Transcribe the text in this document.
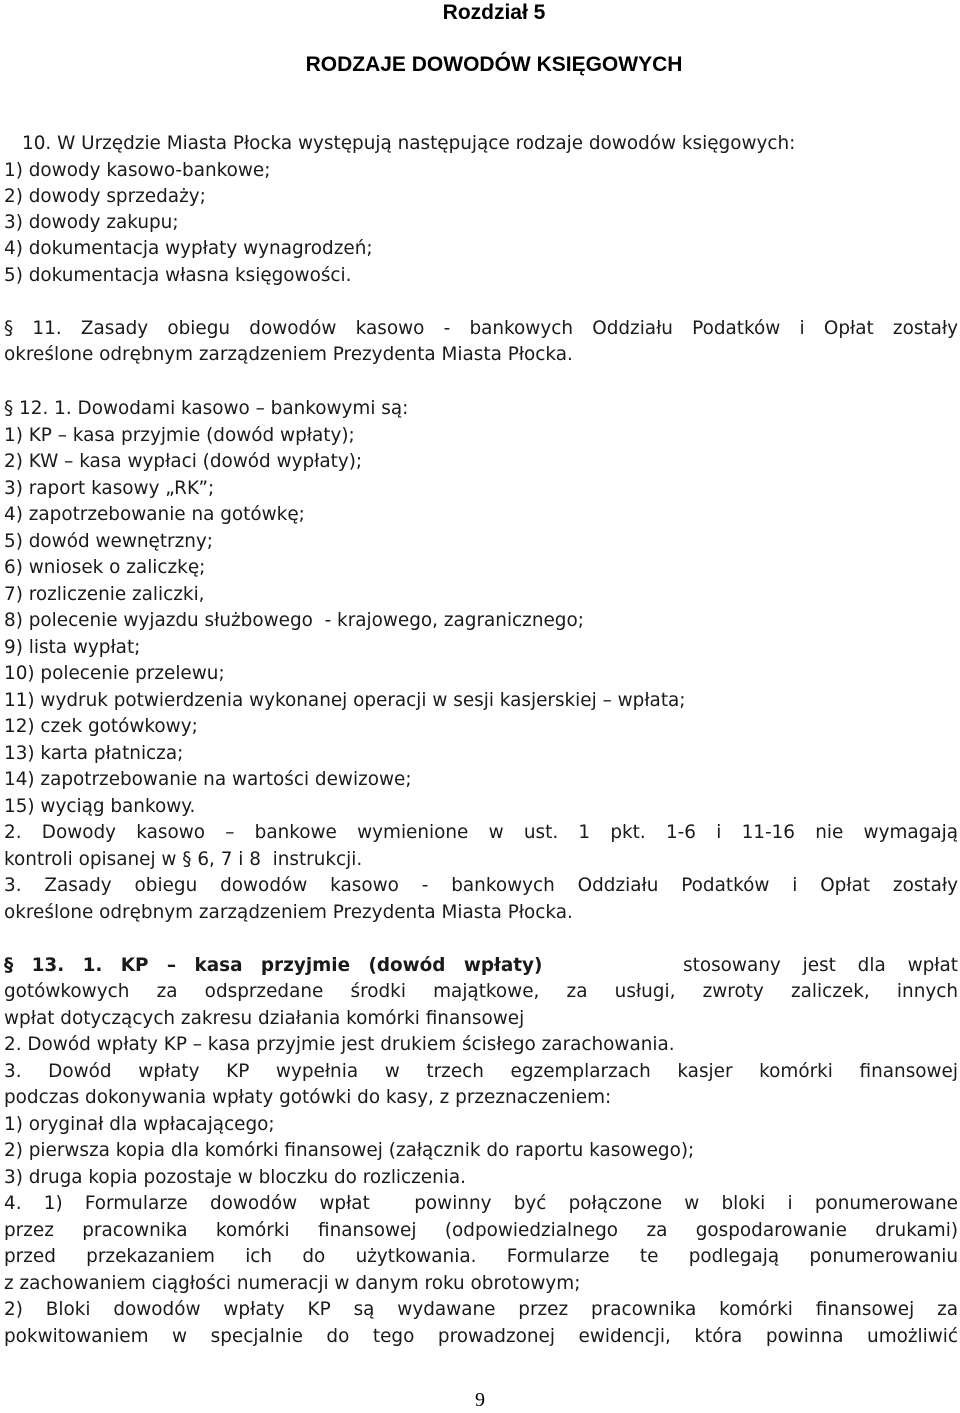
Rozdział 5
RODZAJE DOWODÓW KSIĘGOWYCH
10. W Urzędzie Miasta Płocka występują następujące rodzaje dowodów księgowych:
1) dowody kasowo-bankowe;
2) dowody sprzedaży;
3) dowody zakupu;
4) dokumentacja wypłaty wynagrodzeń;
5) dokumentacja własna księgowości.
§ 11. Zasady obiegu dowodów kasowo - bankowych Oddziału Podatków i Opłat zostały
określone odrębnym zarządzeniem Prezydenta Miasta Płocka.
§ 12. 1. Dowodami kasowo – bankowymi są:
1) KP – kasa przyjmie (dowód wpłaty);
2) KW – kasa wypłaci (dowód wypłaty);
3) raport kasowy „RK”;
4) zapotrzebowanie na gotówkę;
5) dowód wewnętrzny;
6) wniosek o zaliczkę;
7) rozliczenie zaliczki,
8) polecenie wyjazdu służbowego  - krajowego, zagranicznego;
9) lista wypłat;
10) polecenie przelewu;
11) wydruk potwierdzenia wykonanej operacji w sesji kasjerskiej – wpłata;
12) czek gotówkowy;
13) karta płatnicza;
14) zapotrzebowanie na wartości dewizowe;
15) wyciąg bankowy.
2. Dowody kasowo – bankowe wymienione w ust. 1 pkt. 1-6 i 11-16 nie wymagają
kontroli opisanej w § 6, 7 i 8  instrukcji.
3. Zasady obiegu dowodów kasowo - bankowych Oddziału Podatków i Opłat zostały
określone odrębnym zarządzeniem Prezydenta Miasta Płocka.
§ 13. 1. KP – kasa przyjmie (dowód wpłaty)	stosowany jest dla wpłat
gotówkowych za odsprzedane środki majątkowe, za usługi, zwroty zaliczek, innych
wpłat dotyczących zakresu działania komórki finansowej
2. Dowód wpłaty KP – kasa przyjmie jest drukiem ścisłego zarachowania.
3. Dowód wpłaty KP wypełnia w trzech egzemplarzach kasjer komórki finansowej
podczas dokonywania wpłaty gotówki do kasy, z przeznaczeniem:
1) oryginał dla wpłacającego;
2) pierwsza kopia dla komórki finansowej (załącznik do raportu kasowego);
3) druga kopia pozostaje w bloczku do rozliczenia.
4. 1) Formularze dowodów wpłat  powinny być połączone w bloki i ponumerowane
przez pracownika komórki finansowej (odpowiedzialnego za gospodarowanie drukami)
przed przekazaniem ich do użytkowania. Formularze te podlegają ponumerowaniu
z zachowaniem ciągłości numeracji w danym roku obrotowym;
2) Bloki dowodów wpłaty KP są wydawane przez pracownika komórki finansowej za
pokwitowaniem w specjalnie do tego prowadzonej ewidencji, która powinna umożliwić
9
